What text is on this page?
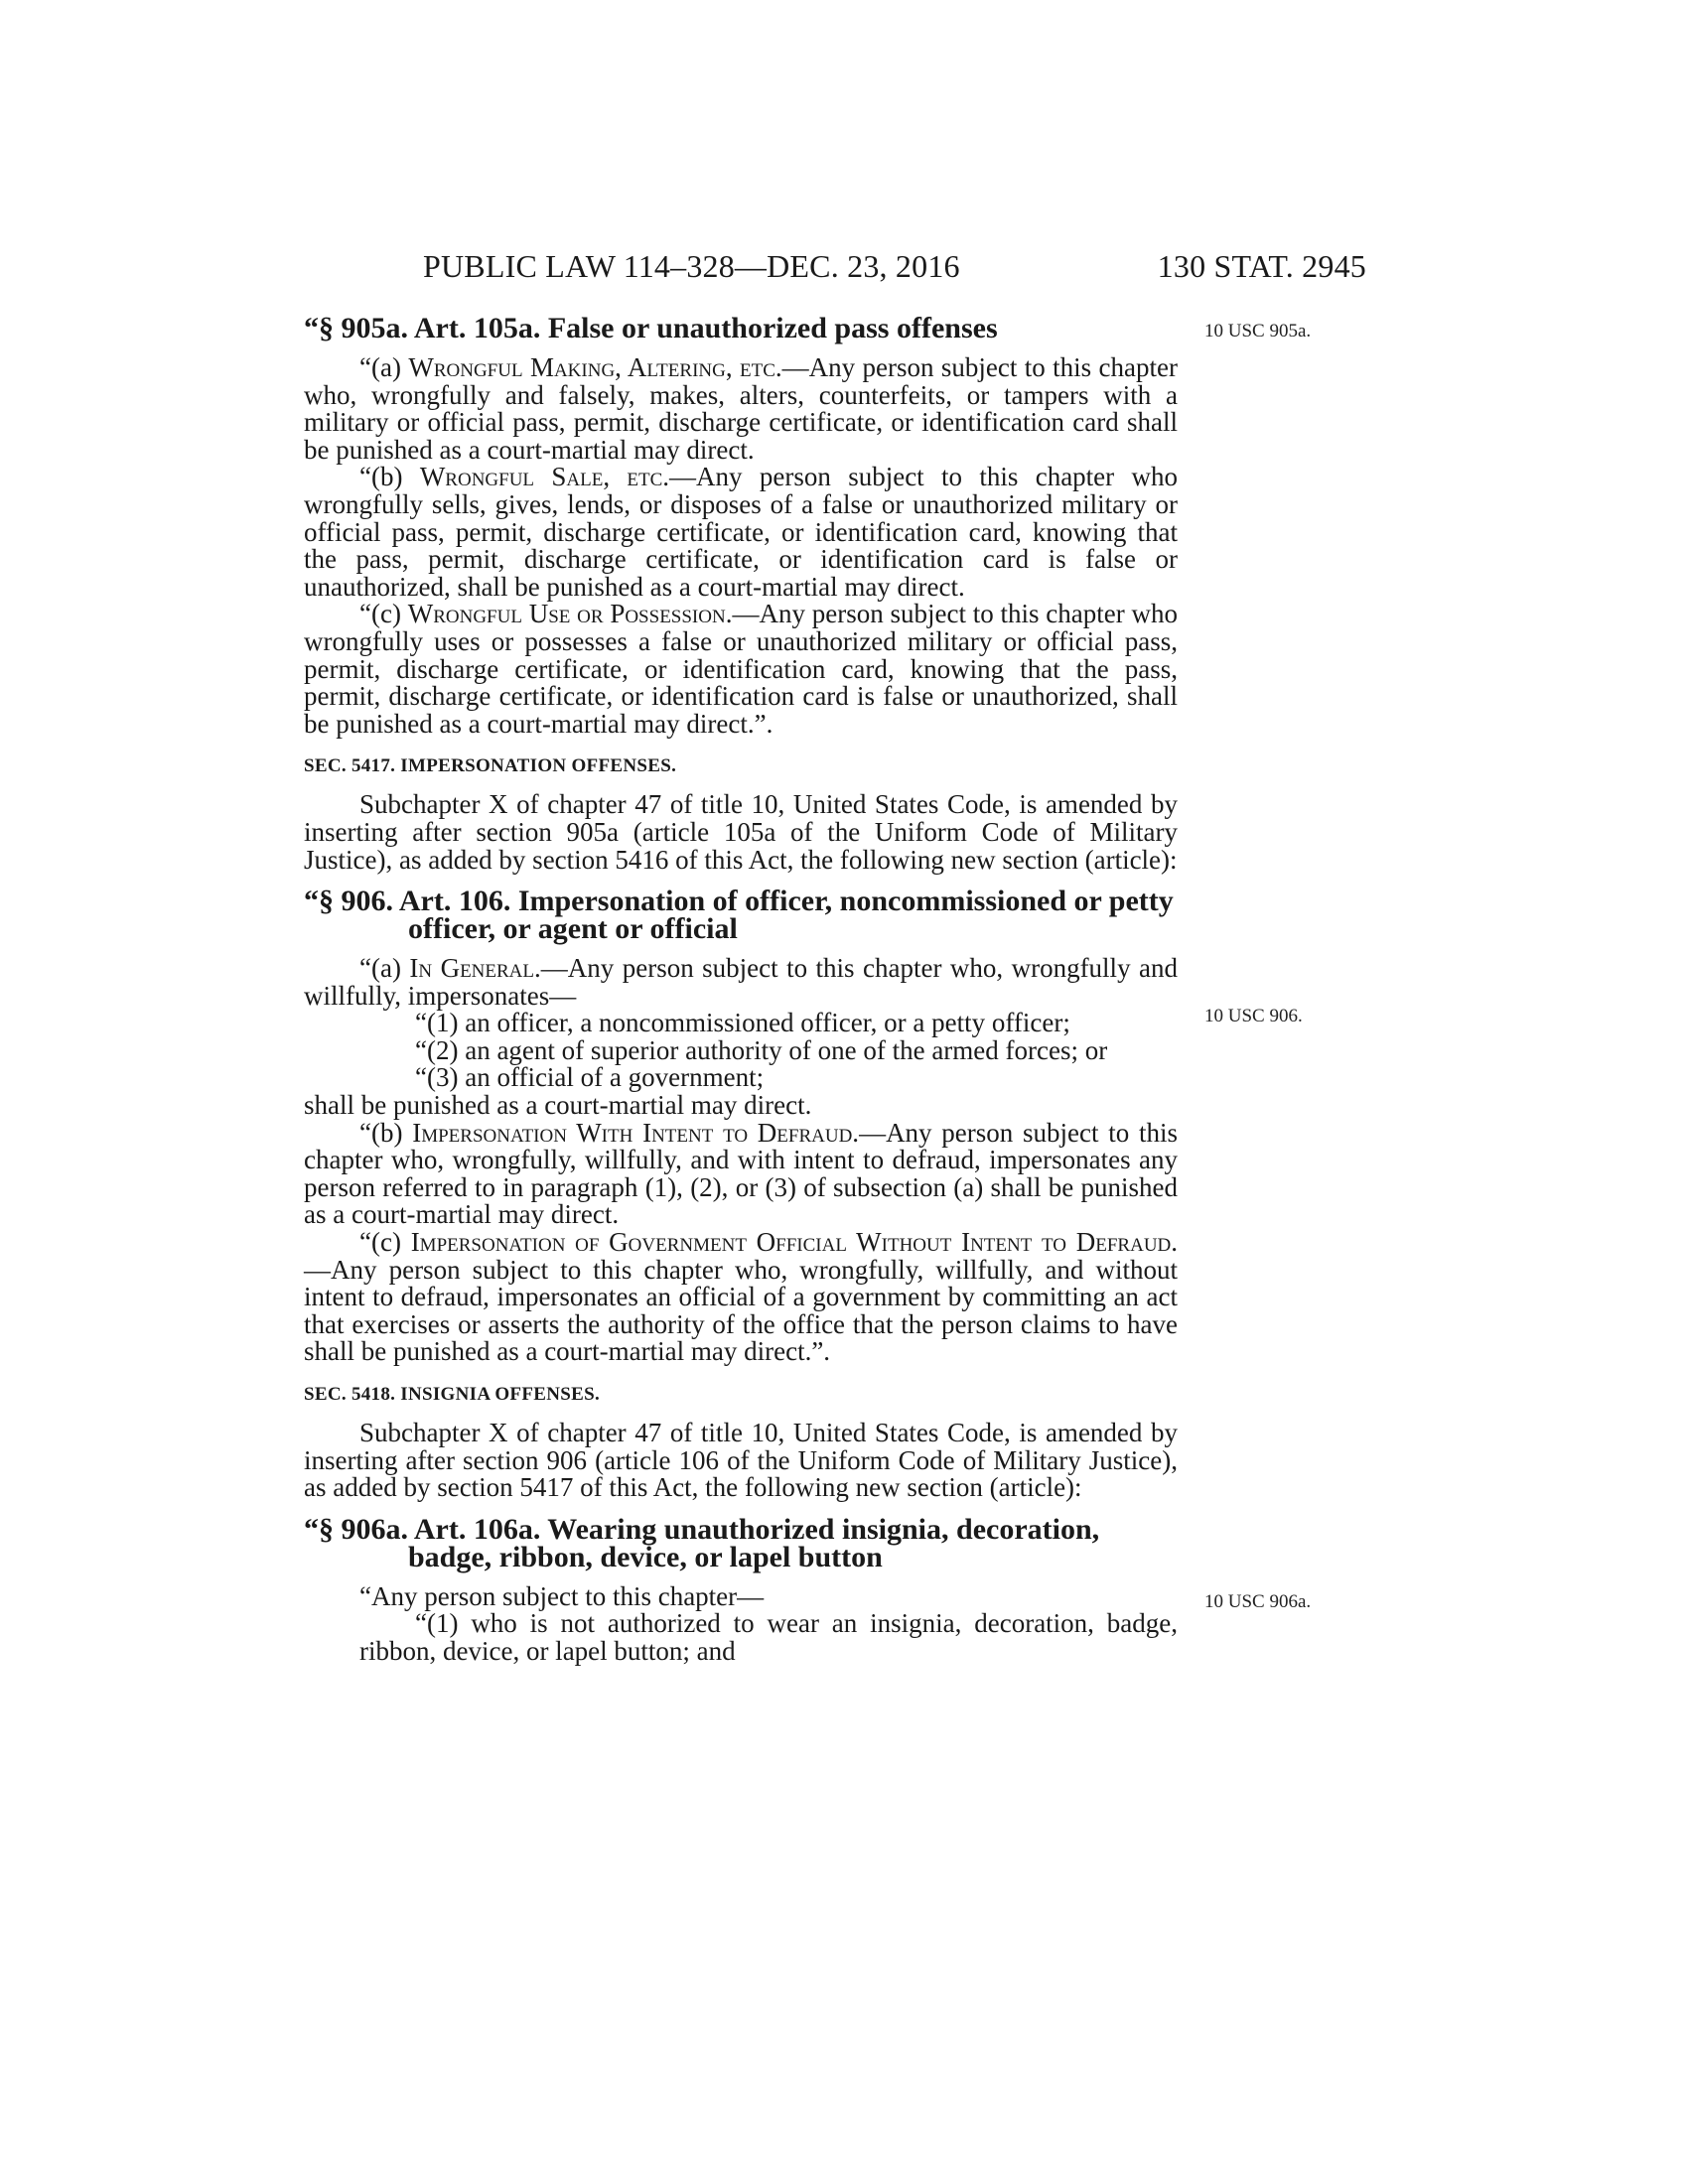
PUBLIC LAW 114–328—DEC. 23, 2016	130 STAT. 2945
10 USC 905a.
10 USC 906.
10 USC 906a.
“§ 905a. Art. 105a. False or unauthorized pass offenses

“(a) Wrongful Making, Altering, etc.—Any person subject to this chapter who, wrongfully and falsely, makes, alters, counterfeits, or tampers with a military or official pass, permit, discharge certificate, or identification card shall be punished as a court-martial may direct.

“(b) Wrongful Sale, etc.—Any person subject to this chapter who wrongfully sells, gives, lends, or disposes of a false or unauthorized military or official pass, permit, discharge certificate, or identification card, knowing that the pass, permit, discharge certificate, or identification card is false or unauthorized, shall be punished as a court-martial may direct.

“(c) Wrongful Use or Possession.—Any person subject to this chapter who wrongfully uses or possesses a false or unauthorized military or official pass, permit, discharge certificate, or identification card, knowing that the pass, permit, discharge certificate, or identification card is false or unauthorized, shall be punished as a court-martial may direct.”.

SEC. 5417. IMPERSONATION OFFENSES.

Subchapter X of chapter 47 of title 10, United States Code, is amended by inserting after section 905a (article 105a of the Uniform Code of Military Justice), as added by section 5416 of this Act, the following new section (article):

“§ 906. Art. 106. Impersonation of officer, noncommissioned or petty officer, or agent or official

“(a) In General.—Any person subject to this chapter who, wrongfully and willfully, impersonates—

“(1) an officer, a noncommissioned officer, or a petty officer;

“(2) an agent of superior authority of one of the armed forces; or

“(3) an official of a government;

shall be punished as a court-martial may direct.

“(b) Impersonation With Intent to Defraud.—Any person subject to this chapter who, wrongfully, willfully, and with intent to defraud, impersonates any person referred to in paragraph (1), (2), or (3) of subsection (a) shall be punished as a court-martial may direct.

“(c) Impersonation of Government Official Without Intent to Defraud.—Any person subject to this chapter who, wrongfully, willfully, and without intent to defraud, impersonates an official of a government by committing an act that exercises or asserts the authority of the office that the person claims to have shall be punished as a court-martial may direct.”.

SEC. 5418. INSIGNIA OFFENSES.

Subchapter X of chapter 47 of title 10, United States Code, is amended by inserting after section 906 (article 106 of the Uniform Code of Military Justice), as added by section 5417 of this Act, the following new section (article):

“§ 906a. Art. 106a. Wearing unauthorized insignia, decoration, badge, ribbon, device, or lapel button

“Any person subject to this chapter—

“(1) who is not authorized to wear an insignia, decoration, badge, ribbon, device, or lapel button; and
